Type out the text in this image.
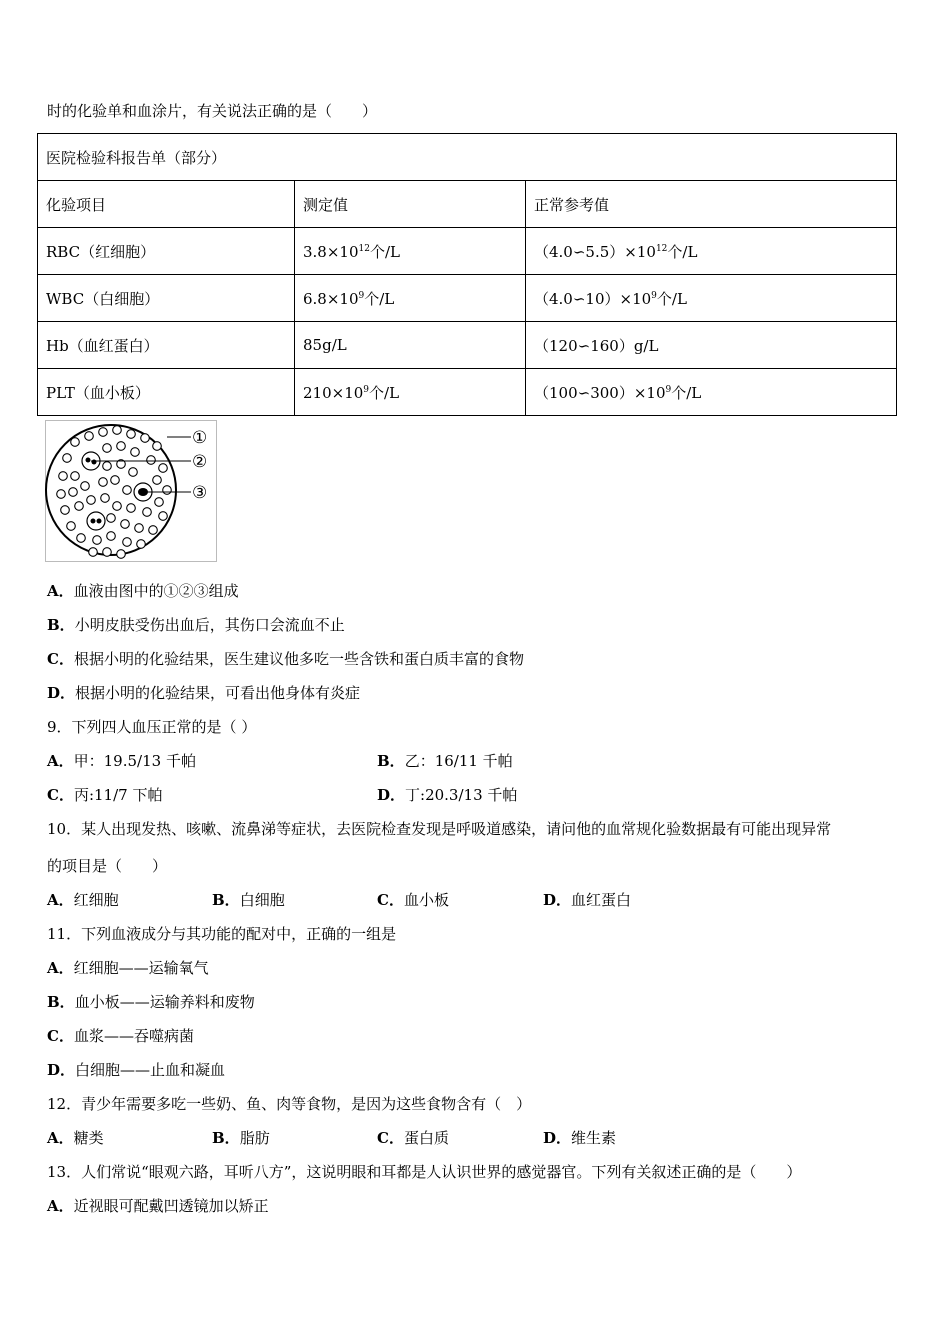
时的化验单和血涂片，有关说法正确的是（　　）
医院检验科报告单（部分）		
化验项目	测定值	正常参考值
RBC（红细胞）	$3.8\times 10^{12}$个/L	$(4.0∽5.5)\times 10^{12}$个/L
WBC（白细胞）	$6.8\times 10^9$个/L	$(4.0∽10)\times 10^9$个/L
Hb（血红蛋白）	85g/L	（120∽160）g/L
PLT（血小板）	$210\times 10^9$个/L	$(100∽300)\times 10^9$个/L
①
②
③
A．血液由图中的①②③组成
B．小明皮肤受伤出血后，其伤口会流血不止
C．根据小明的化验结果，医生建议他多吃一些含铁和蛋白质丰富的食物
D．根据小明的化验结果，可看出他身体有炎症
9．下列四人血压正常的是（ ）
A．甲：19.5/13 千帕	B．乙：16/11 千帕
C．丙:11/7 下帕	D．丁:20.3/13 千帕
10．某人出现发热、咳嗽、流鼻涕等症状，去医院检查发现是呼吸道感染，请问他的血常规化验数据最有可能出现异常
的项目是（　　）
A．红细胞	B．白细胞	C．血小板	D．血红蛋白
11．下列血液成分与其功能的配对中，正确的一组是
A．红细胞——运输氧气
B．血小板——运输养料和废物
C．血浆——吞噬病菌
D．白细胞——止血和凝血
12．青少年需要多吃一些奶、鱼、肉等食物，是因为这些食物含有（　）
A．糖类	B．脂肪	C．蛋白质	D．维生素
13．人们常说“眼观六路，耳听八方”，这说明眼和耳都是人认识世界的感觉器官。下列有关叙述正确的是（　　）
A．近视眼可配戴凹透镜加以矫正
